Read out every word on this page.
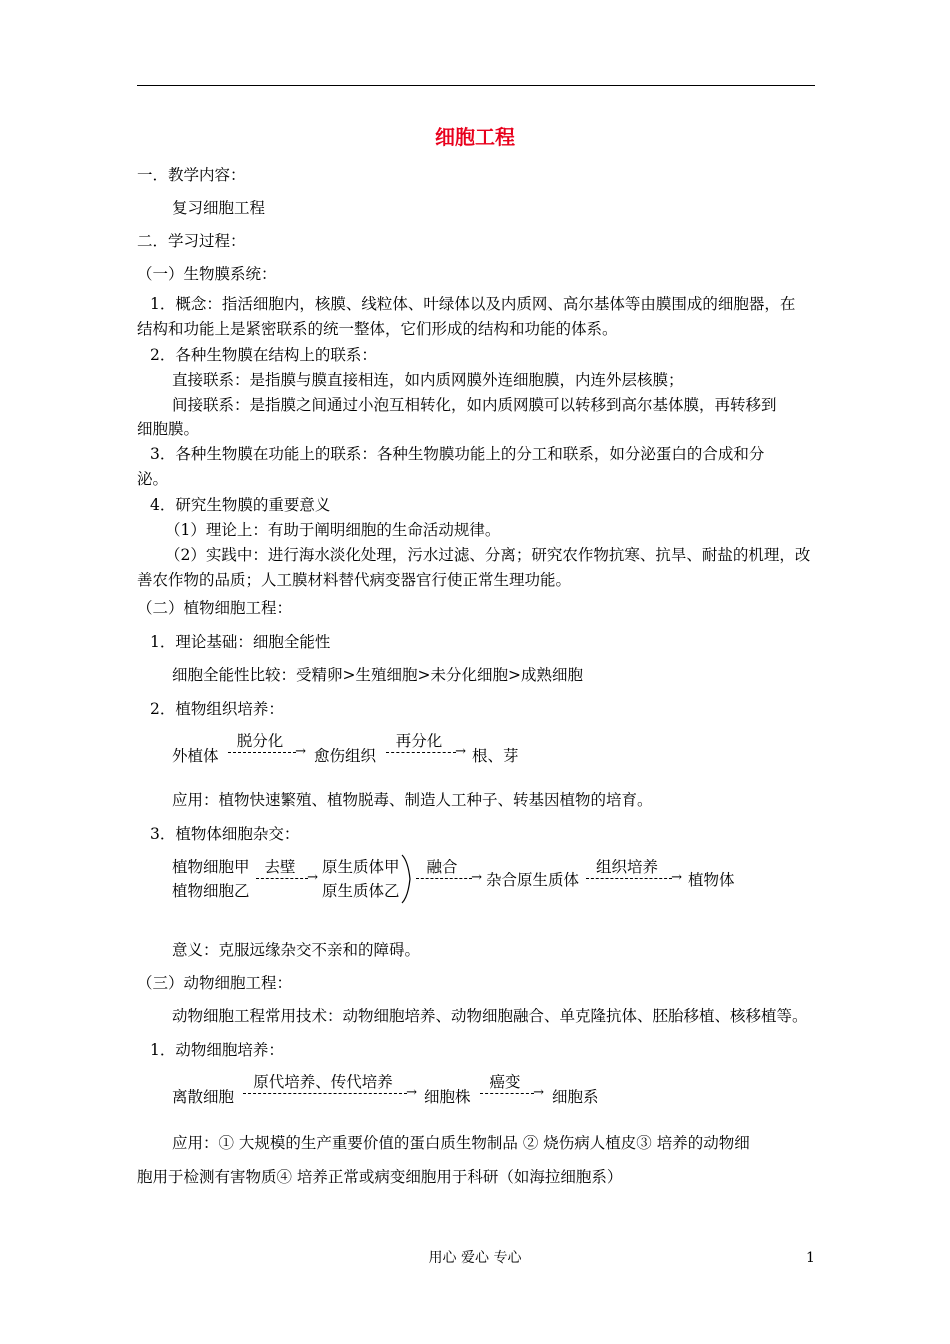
细胞工程
一．教学内容：
复习细胞工程
二．学习过程：
（一）生物膜系统：
1．概念：指活细胞内，核膜、线粒体、叶绿体以及内质网、高尔基体等由膜围成的细胞器，在
结构和功能上是紧密联系的统一整体，它们形成的结构和功能的体系。
2．各种生物膜在结构上的联系：
直接联系：是指膜与膜直接相连，如内质网膜外连细胞膜，内连外层核膜；
间接联系：是指膜之间通过小泡互相转化，如内质网膜可以转移到高尔基体膜，再转移到
细胞膜。
3．各种生物膜在功能上的联系：各种生物膜功能上的分工和联系，如分泌蛋白的合成和分
泌。
4．研究生物膜的重要意义
（1）理论上：有助于阐明细胞的生命活动规律。
（2）实践中：进行海水淡化处理，污水过滤、分离；研究农作物抗寒、抗旱、耐盐的机理，改
善农作物的品质；人工膜材料替代病变器官行使正常生理功能。
（二）植物细胞工程：
1．理论基础：细胞全能性
细胞全能性比较：受精卵>生殖细胞>未分化细胞>成熟细胞
2．植物组织培养：
外植体
脱分化
→ 愈伤组织
再分化
→ 根、芽
应用：植物快速繁殖、植物脱毒、制造人工种子、转基因植物的培育。
3．植物体细胞杂交：
植物细胞甲
植物细胞乙
去壁
→
原生质体甲
原生质体乙
融合
→ 杂合原生质体
组织培养
→ 植物体
意义：克服远缘杂交不亲和的障碍。
（三）动物细胞工程：
动物细胞工程常用技术：动物细胞培养、动物细胞融合、单克隆抗体、胚胎移植、核移植等。
1．动物细胞培养：
离散细胞
原代培养、传代培养
→ 细胞株
癌变
→ 细胞系
应用：① 大规模的生产重要价值的蛋白质生物制品 ② 烧伤病人植皮③ 培养的动物细
胞用于检测有害物质④ 培养正常或病变细胞用于科研（如海拉细胞系）
用心 爱心 专心	1
